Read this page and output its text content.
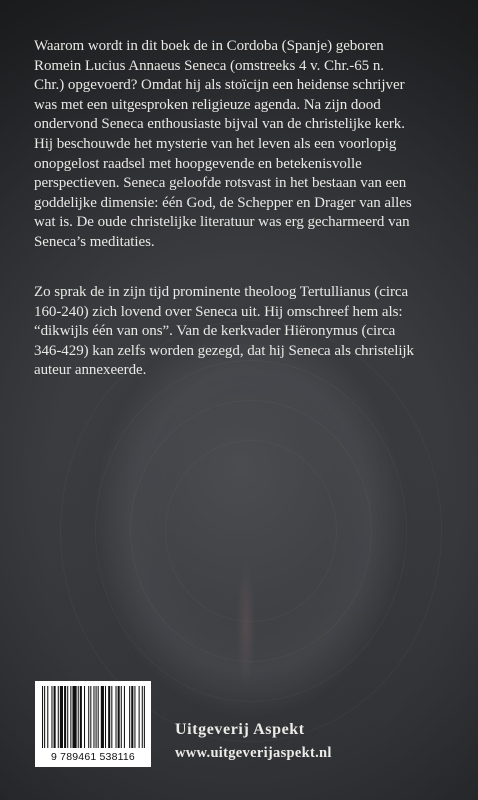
Waarom wordt in dit boek de in Cordoba (Spanje) geboren
Romein Lucius Annaeus Seneca (omstreeks 4 v. Chr.-65 n.
Chr.) opgevoerd? Omdat hij als stoïcijn een heidense schrijver
was met een uitgesproken religieuze agenda. Na zijn dood
ondervond Seneca enthousiaste bijval van de christelijke kerk.
Hij beschouwde het mysterie van het leven als een voorlopig
onopgelost raadsel met hoopgevende en betekenisvolle
perspectieven. Seneca geloofde rotsvast in het bestaan van een
goddelijke dimensie: één God, de Schepper en Drager van alles
wat is. De oude christelijke literatuur was erg gecharmeerd van
Seneca’s meditaties.

Zo sprak de in zijn tijd prominente theoloog Tertullianus (circa
160-240) zich lovend over Seneca uit. Hij omschreef hem als:
“dikwijls één van ons”. Van de kerkvader Hiëronymus (circa
346-429) kan zelfs worden gezegd, dat hij Seneca als christelijk
auteur annexeerde.

9 789461 538116
Uitgeverij Aspekt
www.uitgeverijaspekt.nl
